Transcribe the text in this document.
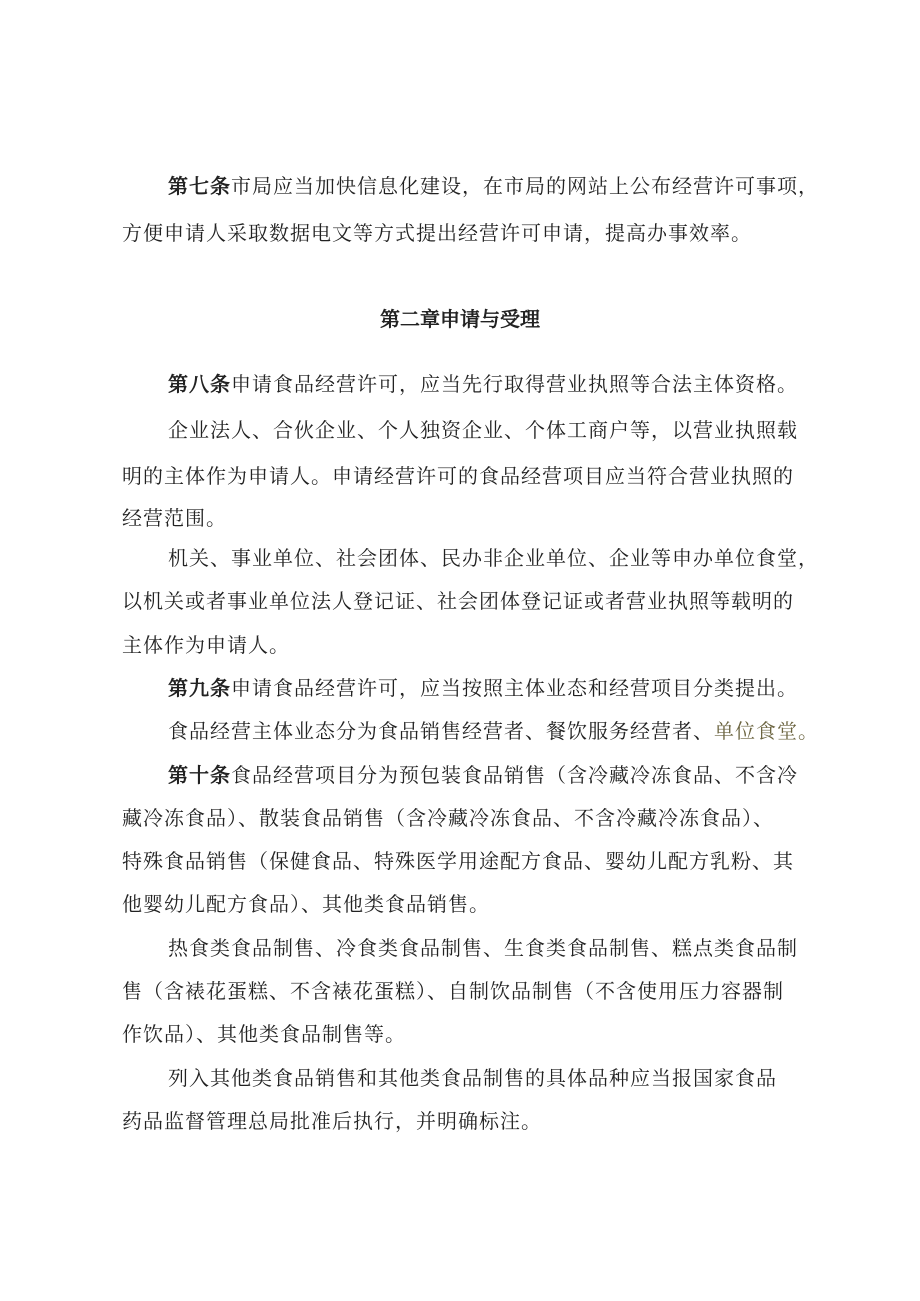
第七条市局应当加快信息化建设，在市局的网站上公布经营许可事项，
方便申请人采取数据电文等方式提出经营许可申请，提高办事效率。
第二章申请与受理
第八条申请食品经营许可，应当先行取得营业执照等合法主体资格。
企业法人、合伙企业、个人独资企业、个体工商户等，以营业执照载
明的主体作为申请人。申请经营许可的食品经营项目应当符合营业执照的
经营范围。
机关、事业单位、社会团体、民办非企业单位、企业等申办单位食堂，
以机关或者事业单位法人登记证、社会团体登记证或者营业执照等载明的
主体作为申请人。
第九条申请食品经营许可，应当按照主体业态和经营项目分类提出。
食品经营主体业态分为食品销售经营者、餐饮服务经营者、单位食堂。
第十条食品经营项目分为预包装食品销售（含冷藏冷冻食品、不含冷
藏冷冻食品）、散装食品销售（含冷藏冷冻食品、不含冷藏冷冻食品）、
特殊食品销售（保健食品、特殊医学用途配方食品、婴幼儿配方乳粉、其
他婴幼儿配方食品）、其他类食品销售。
热食类食品制售、冷食类食品制售、生食类食品制售、糕点类食品制
售（含裱花蛋糕、不含裱花蛋糕）、自制饮品制售（不含使用压力容器制
作饮品）、其他类食品制售等。
列入其他类食品销售和其他类食品制售的具体品种应当报国家食品
药品监督管理总局批准后执行，并明确标注。
